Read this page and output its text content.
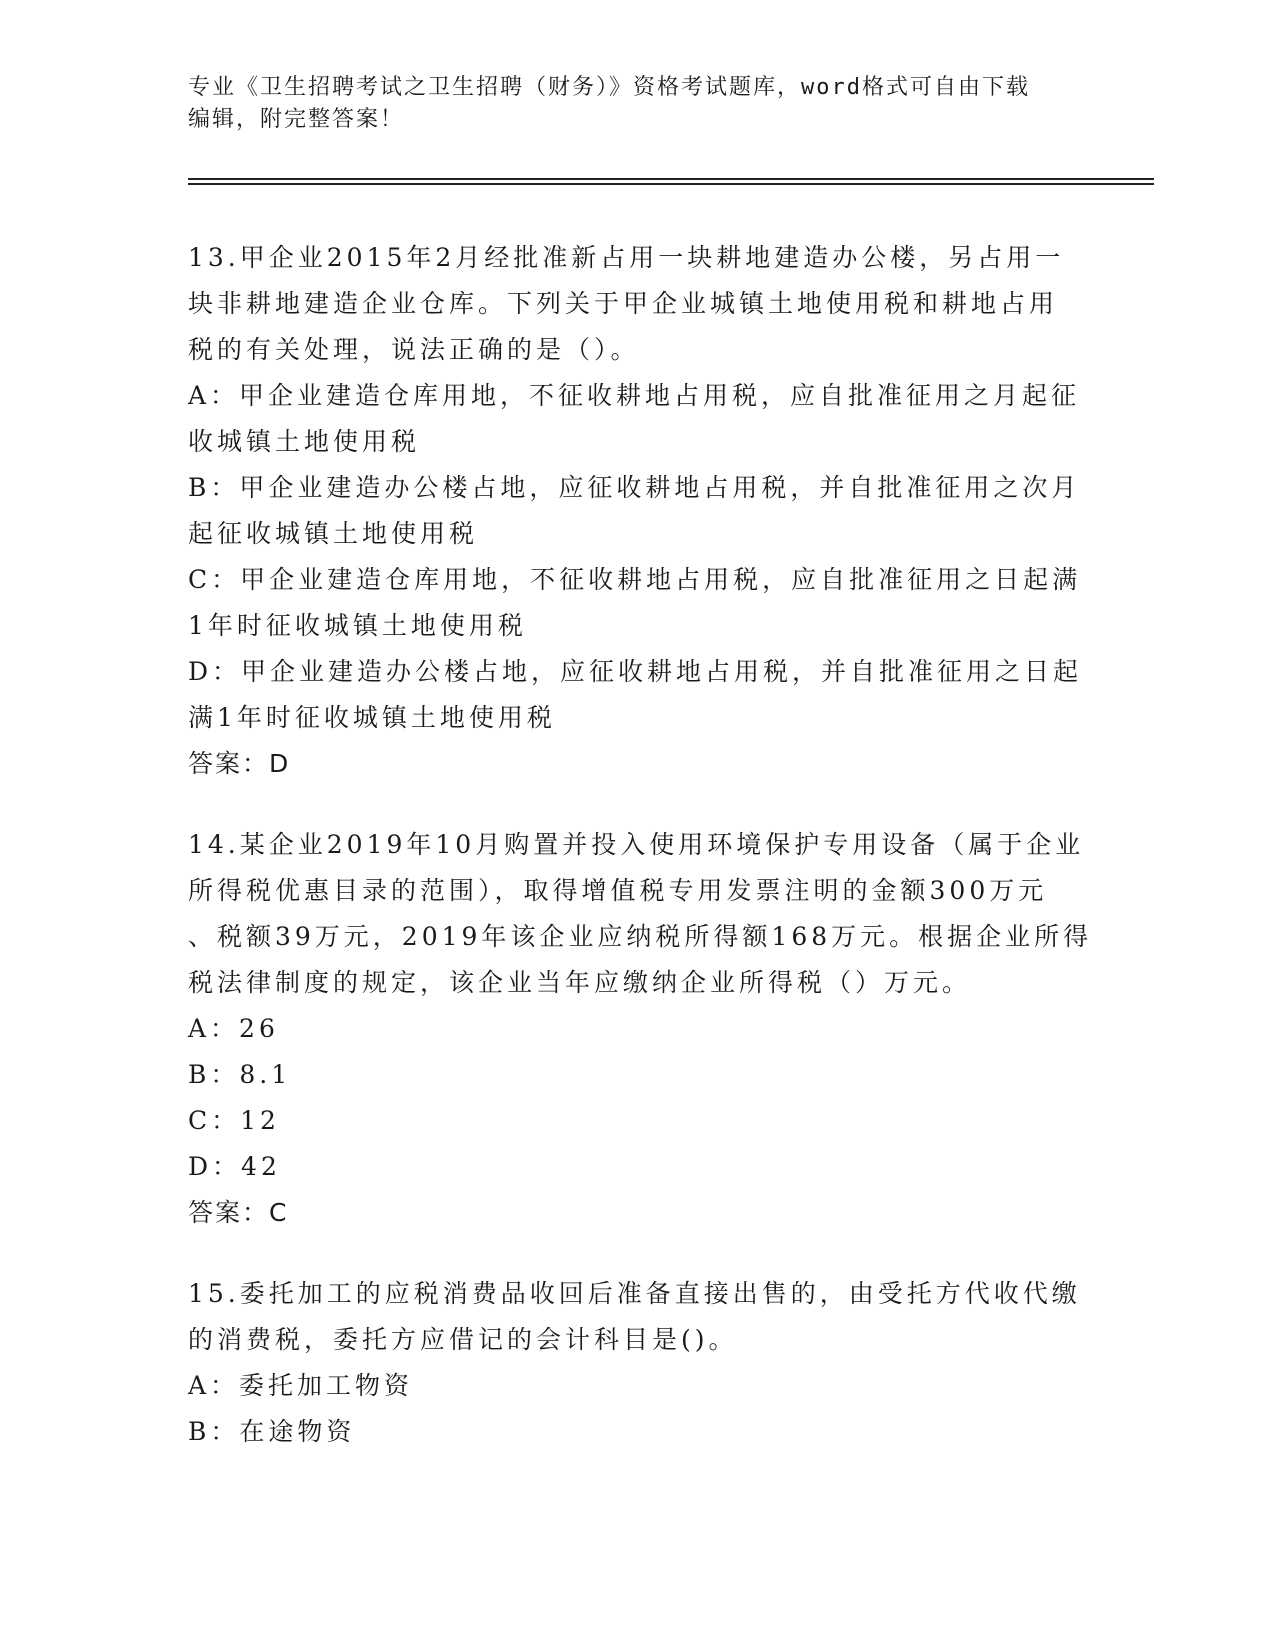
专业《卫生招聘考试之卫生招聘（财务）》资格考试题库，word格式可自由下载
编辑，附完整答案！

13.甲企业2015年2月经批准新占用一块耕地建造办公楼，另占用一

块非耕地建造企业仓库。下列关于甲企业城镇土地使用税和耕地占用

税的有关处理，说法正确的是（）。

A：甲企业建造仓库用地，不征收耕地占用税，应自批准征用之月起征

收城镇土地使用税

B：甲企业建造办公楼占地，应征收耕地占用税，并自批准征用之次月

起征收城镇土地使用税

C：甲企业建造仓库用地，不征收耕地占用税，应自批准征用之日起满

1年时征收城镇土地使用税

D：甲企业建造办公楼占地，应征收耕地占用税，并自批准征用之日起

满1年时征收城镇土地使用税

答案：D

14.某企业2019年10月购置并投入使用环境保护专用设备（属于企业

所得税优惠目录的范围），取得增值税专用发票注明的金额300万元

、税额39万元，2019年该企业应纳税所得额168万元。根据企业所得

税法律制度的规定，该企业当年应缴纳企业所得税（）万元。

A：26

B：8.1

C：12

D：42

答案：C

15.委托加工的应税消费品收回后准备直接出售的，由受托方代收代缴

的消费税，委托方应借记的会计科目是()。

A：委托加工物资

B：在途物资
